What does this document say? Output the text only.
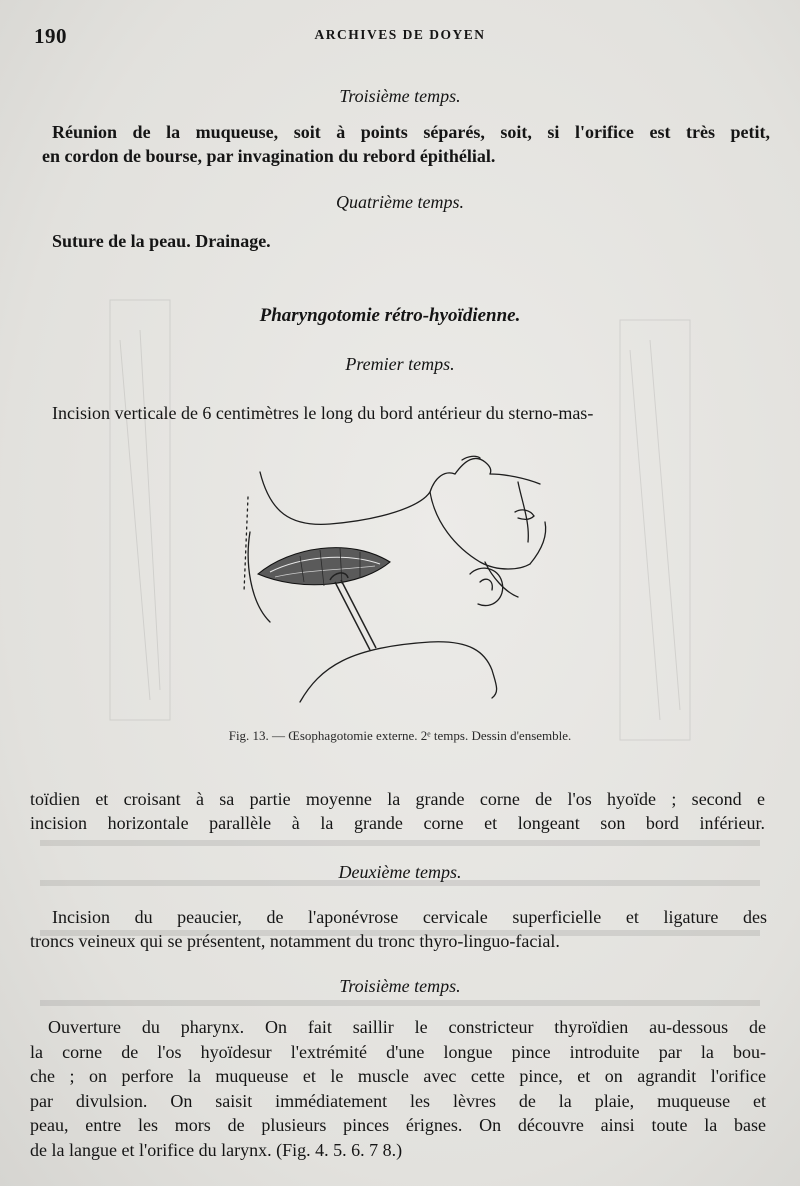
190	ARCHIVES DE DOYEN
Troisième temps.
Réunion de la muqueuse, soit à points séparés, soit, si l'orifice est très petit,
en cordon de bourse, par invagination du rebord épithélial.
Quatrième temps.
Suture de la peau. Drainage.
Pharyngotomie rétro-hyoïdienne.
Premier temps.
Incision verticale de 6 centimètres le long du bord antérieur du sterno-mas-
Fig. 13. — Œsophagotomie externe. 2ᵉ temps. Dessin d'ensemble.
toïdien et croisant à sa partie moyenne la grande corne de l'os hyoïde ; second e
incision horizontale parallèle à la grande corne et longeant son bord inférieur.
Deuxième temps.
Incision du peaucier, de l'aponévrose cervicale superficielle et ligature des
troncs veineux qui se présentent, notamment du tronc thyro-linguo-facial.
Troisième temps.
Ouverture du pharynx. On fait saillir le constricteur thyroïdien au-dessous de
la corne de l'os hyoïdesur l'extrémité d'une longue pince introduite par la bou-
che ; on perfore la muqueuse et le muscle avec cette pince, et on agrandit l'orifice
par divulsion. On saisit immédiatement les lèvres de la plaie, muqueuse et
peau, entre les mors de plusieurs pinces érignes. On découvre ainsi toute la base
de la langue et l'orifice du larynx. (Fig. 4. 5. 6. 7 8.)
